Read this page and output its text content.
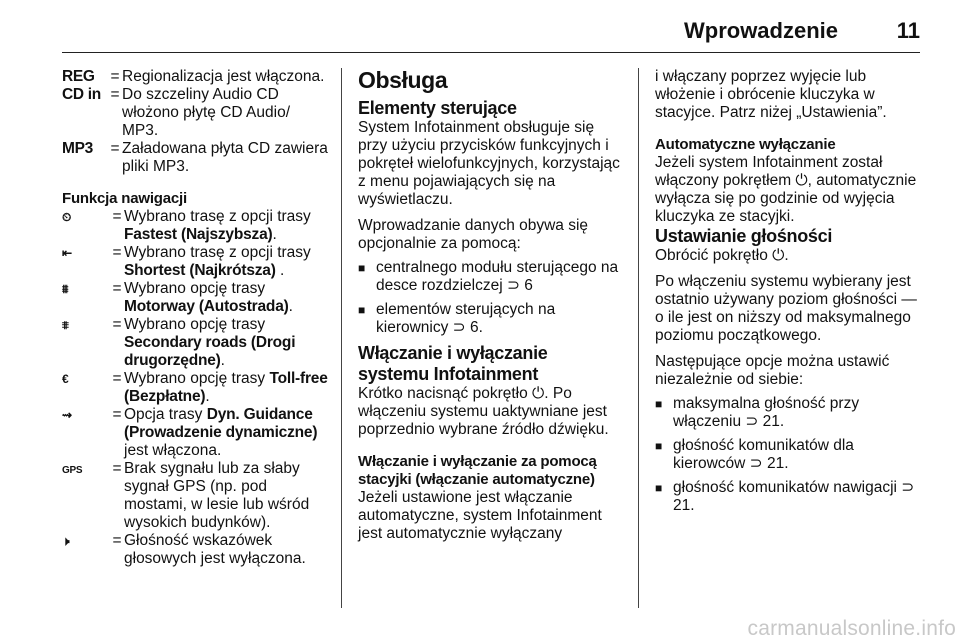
Wprowadzenie	11
REG	= Regionalizacja jest włączona.
CD in = Do szczeliny Audio CD włożono płytę CD Audio/ MP3.
MP3	= Załadowana płyta CD zawiera pliki MP3.

Funkcja nawigacji

⏲	= Wybrano trasę z opcji trasy Fastest (Najszybsza).
⇤	= Wybrano trasę z opcji trasy Shortest (Najkrótsza) .
⩩	= Wybrano opcję trasy Motorway (Autostrada).
⩨	= Wybrano opcję trasy Secondary roads (Drogi drugorzędne).
€	= Wybrano opcję trasy Toll-free (Bezpłatne).
⇝	= Opcja trasy Dyn. Guidance (Prowadzenie dynamiczne) jest włączona.
GPS	= Brak sygnału lub za słaby sygnał GPS (np. pod mostami, w lesie lub wśród wysokich budynków).
🕨	= Głośność wskazówek głosowych jest wyłączona.
Obsługa
Elementy sterujące

System Infotainment obsługuje się przy użyciu przycisków funkcyjnych i pokręteł wielofunkcyjnych, korzystając z menu pojawiających się na wyświetlaczu.

Wprowadzanie danych obywa się opcjonalnie za pomocą:

■ centralnego modułu sterującego na desce rozdzielczej ⊃ 6
■ elementów sterujących na kierownicy ⊃ 6.
Włączanie i wyłączanie systemu Infotainment

Krótko nacisnąć pokrętło ⏻. Po włączeniu systemu uaktywniane jest poprzednio wybrane źródło dźwięku.

Włączanie i wyłączanie za pomocą stacyjki (włączanie automatyczne)

Jeżeli ustawione jest włączanie automatyczne, system Infotainment jest automatycznie wyłączany

i włączany poprzez wyjęcie lub włożenie i obrócenie kluczyka w stacyjce. Patrz niżej „Ustawienia”.

Automatyczne wyłączanie

Jeżeli system Infotainment został włączony pokrętłem ⏻, automatycznie wyłącza się po godzinie od wyjęcia kluczyka ze stacyjki.

Ustawianie głośności

Obrócić pokrętło ⏻.

Po włączeniu systemu wybierany jest ostatnio używany poziom głośności — o ile jest on niższy od maksymalnego poziomu początkowego.

Następujące opcje można ustawić niezależnie od siebie:

■ maksymalna głośność przy włączeniu ⊃ 21.
■ głośność komunikatów dla kierowców ⊃ 21.
■ głośność komunikatów nawigacji ⊃ 21.
carmanualsonline.info
